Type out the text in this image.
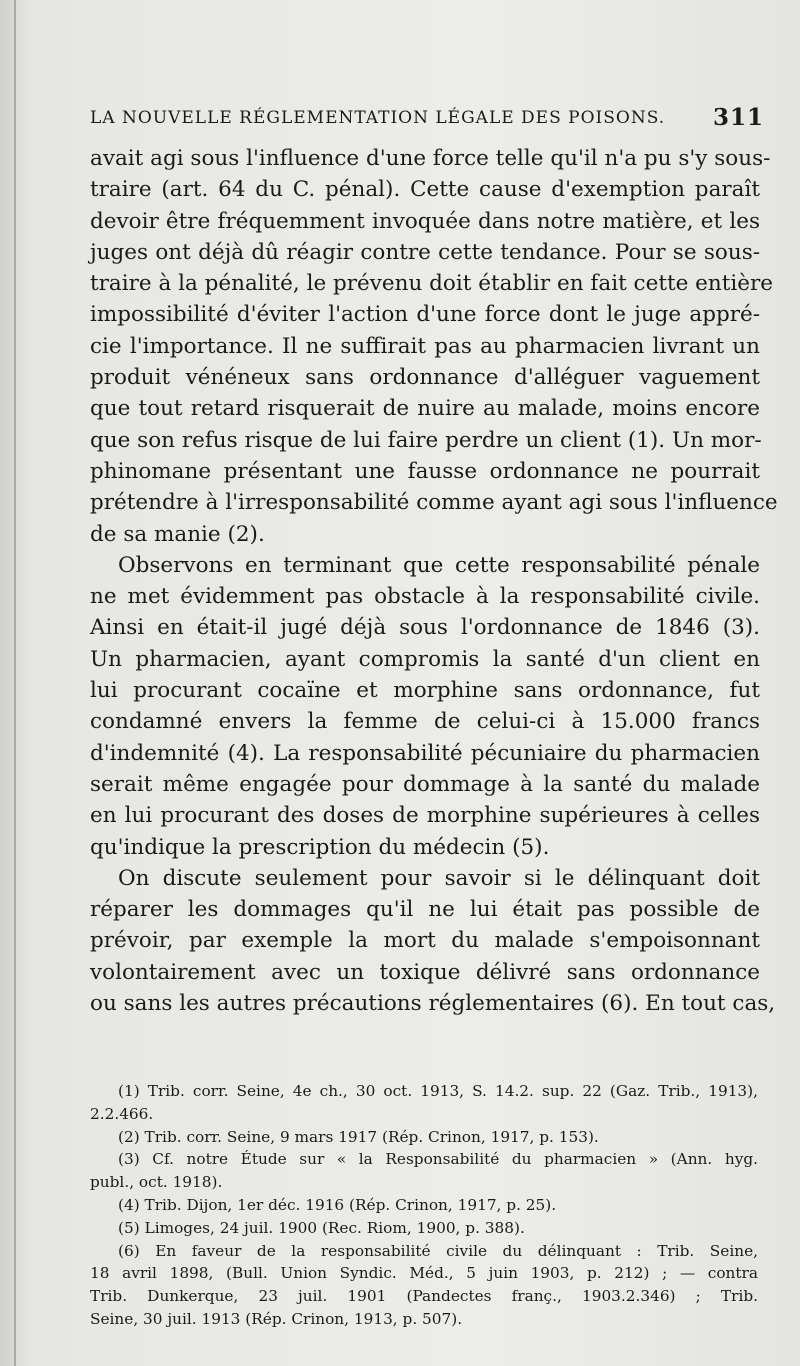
LA NOUVELLE RÉGLEMENTATION LÉGALE DES POISONS. 311
avait agi sous l'influence d'une force telle qu'il n'a pu s'y sous-
traire (art. 64 du C. pénal). Cette cause d'exemption paraît
devoir être fréquemment invoquée dans notre matière, et les
juges ont déjà dû réagir contre cette tendance. Pour se sous-
traire à la pénalité, le prévenu doit établir en fait cette entière
impossibilité d'éviter l'action d'une force dont le juge appré-
cie l'importance. Il ne suffirait pas au pharmacien livrant un
produit vénéneux sans ordonnance d'alléguer vaguement
que tout retard risquerait de nuire au malade, moins encore
que son refus risque de lui faire perdre un client (1). Un mor-
phinomane présentant une fausse ordonnance ne pourrait
prétendre à l'irresponsabilité comme ayant agi sous l'influence
de sa manie (2).
Observons en terminant que cette responsabilité pénale
ne met évidemment pas obstacle à la responsabilité civile.
Ainsi en était-il jugé déjà sous l'ordonnance de 1846 (3).
Un pharmacien, ayant compromis la santé d'un client en
lui procurant cocaïne et morphine sans ordonnance, fut
condamné envers la femme de celui-ci à 15.000 francs
d'indemnité (4). La responsabilité pécuniaire du pharmacien
serait même engagée pour dommage à la santé du malade
en lui procurant des doses de morphine supérieures à celles
qu'indique la prescription du médecin (5).
On discute seulement pour savoir si le délinquant doit
réparer les dommages qu'il ne lui était pas possible de
prévoir, par exemple la mort du malade s'empoisonnant
volontairement avec un toxique délivré sans ordonnance
ou sans les autres précautions réglementaires (6). En tout cas,
(1) Trib. corr. Seine, 4e ch., 30 oct. 1913, S. 14.2. sup. 22 (Gaz. Trib., 1913),
2.2.466.
(2) Trib. corr. Seine, 9 mars 1917 (Rép. Crinon, 1917, p. 153).
(3) Cf. notre Étude sur « la Responsabilité du pharmacien » (Ann. hyg.
publ., oct. 1918).
(4) Trib. Dijon, 1er déc. 1916 (Rép. Crinon, 1917, p. 25).
(5) Limoges, 24 juil. 1900 (Rec. Riom, 1900, p. 388).
(6) En faveur de la responsabilité civile du délinquant : Trib. Seine,
18 avril 1898, (Bull. Union Syndic. Méd., 5 juin 1903, p. 212) ; — contra
Trib. Dunkerque, 23 juil. 1901 (Pandectes franç., 1903.2.346) ; Trib.
Seine, 30 juil. 1913 (Rép. Crinon, 1913, p. 507).
